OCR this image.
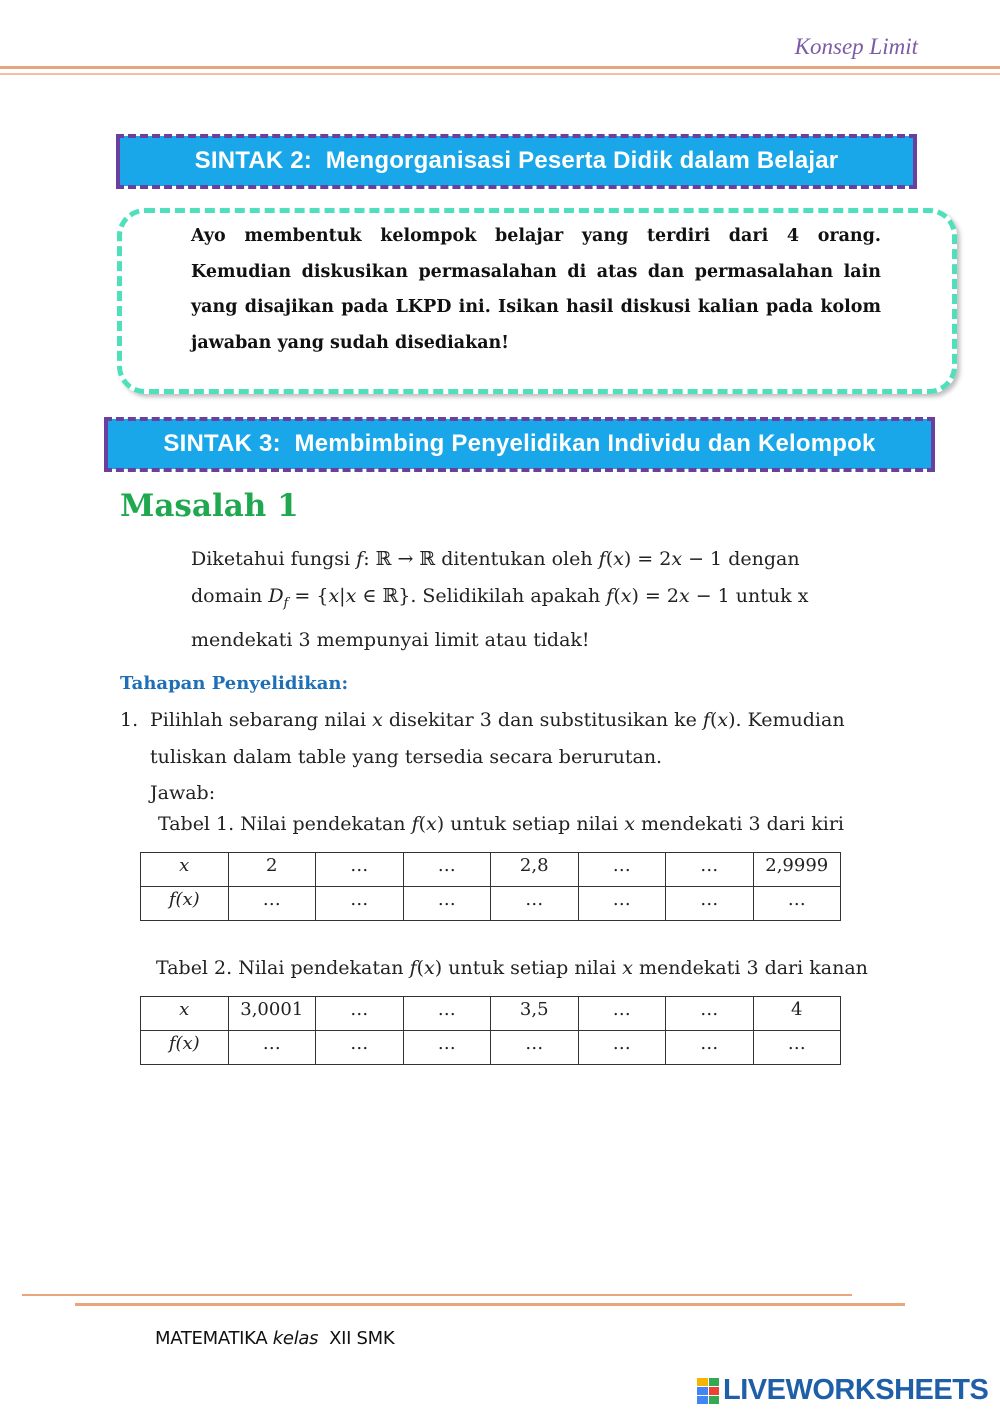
Konsep Limit
SINTAK 2:  Mengorganisasi Peserta Didik dalam Belajar
Ayo membentuk kelompok belajar yang terdiri dari 4 orang. Kemudian diskusikan permasalahan di atas dan permasalahan lain yang disajikan pada LKPD ini. Isikan hasil diskusi kalian pada kolom jawaban yang sudah disediakan!
SINTAK 3:  Membimbing Penyelidikan Individu dan Kelompok
Masalah 1
Diketahui fungsi f: ℝ → ℝ ditentukan oleh f(x) = 2x − 1 dengan
domain $D_f = \{x|x$ ∈ ℝ}. Selidikilah apakah f(x) = 2x − 1 untuk x
mendekati 3 mempunyai limit atau tidak!
Tahapan Penyelidikan:
1. Pilihlah sebarang nilai x disekitar 3 dan substitusikan ke f(x). Kemudian
tuliskan dalam table yang tersedia secara berurutan.
Jawab:
Tabel 1. Nilai pendekatan f(x) untuk setiap nilai x mendekati 3 dari kiri
x	2	…	…	2,8	…	…	2,9999
f(x)	…	…	…	…	…	…	…
Tabel 2. Nilai pendekatan f(x) untuk setiap nilai x mendekati 3 dari kanan
x	3,0001	…	…	3,5	…	…	4
f(x)	…	…	…	…	…	…	…
MATEMATIKA kelas XII SMK
LIVEWORKSHEETS
